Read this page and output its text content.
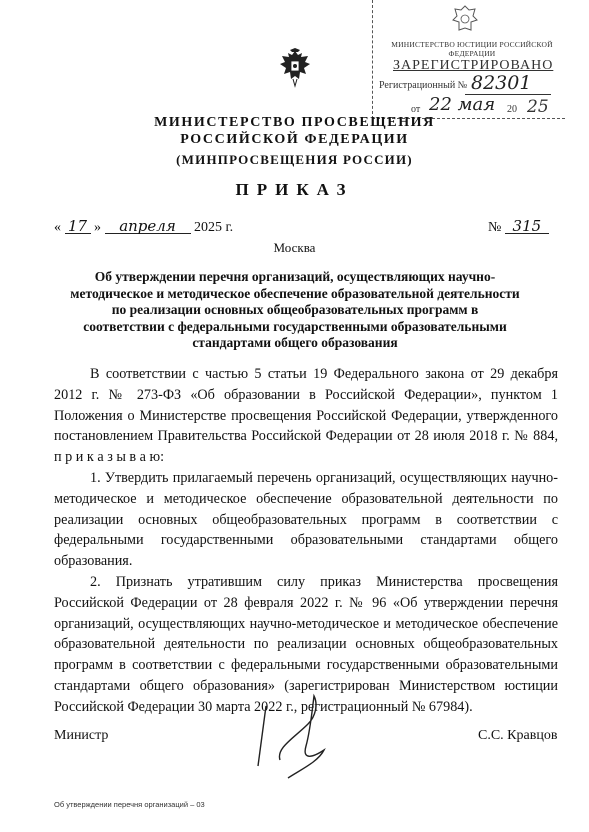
МИНИСТЕРСТВО ЮСТИЦИИ РОССИЙСКОЙ ФЕДЕРАЦИИ
ЗАРЕГИСТРИРОВАНО
Регистрационный № 82301
от 22 мая 20 25
МИНИСТЕРСТВО ПРОСВЕЩЕНИЯ
РОССИЙСКОЙ ФЕДЕРАЦИИ
(МИНПРОСВЕЩЕНИЯ РОССИИ)
ПРИКАЗ
« 17 » апреля 2025 г.	№ 315
Москва
Об утверждении перечня организаций, осуществляющих научно-методическое и методическое обеспечение образовательной деятельности по реализации основных общеобразовательных программ в соответствии с федеральными государственными образовательными стандартами общего образования

В соответствии с частью 5 статьи 19 Федерального закона от 29 декабря 2012 г. № 273-ФЗ «Об образовании в Российской Федерации», пунктом 1 Положения о Министерстве просвещения Российской Федерации, утвержденного постановлением Правительства Российской Федерации от 28 июля 2018 г. № 884, п р и к а з ы в а ю:

1. Утвердить прилагаемый перечень организаций, осуществляющих научно-методическое и методическое обеспечение образовательной деятельности по реализации основных общеобразовательных программ в соответствии с федеральными государственными образовательными стандартами общего образования.

2. Признать утратившим силу приказ Министерства просвещения Российской Федерации от 28 февраля 2022 г. № 96 «Об утверждении перечня организаций, осуществляющих научно-методическое и методическое обеспечение образовательной деятельности по реализации основных общеобразовательных программ в соответствии с федеральными государственными образовательными стандартами общего образования» (зарегистрирован Министерством юстиции Российской Федерации 30 марта 2022 г., регистрационный № 67984).

Министр	С.С. Кравцов
Об утверждении перечня организаций – 03
